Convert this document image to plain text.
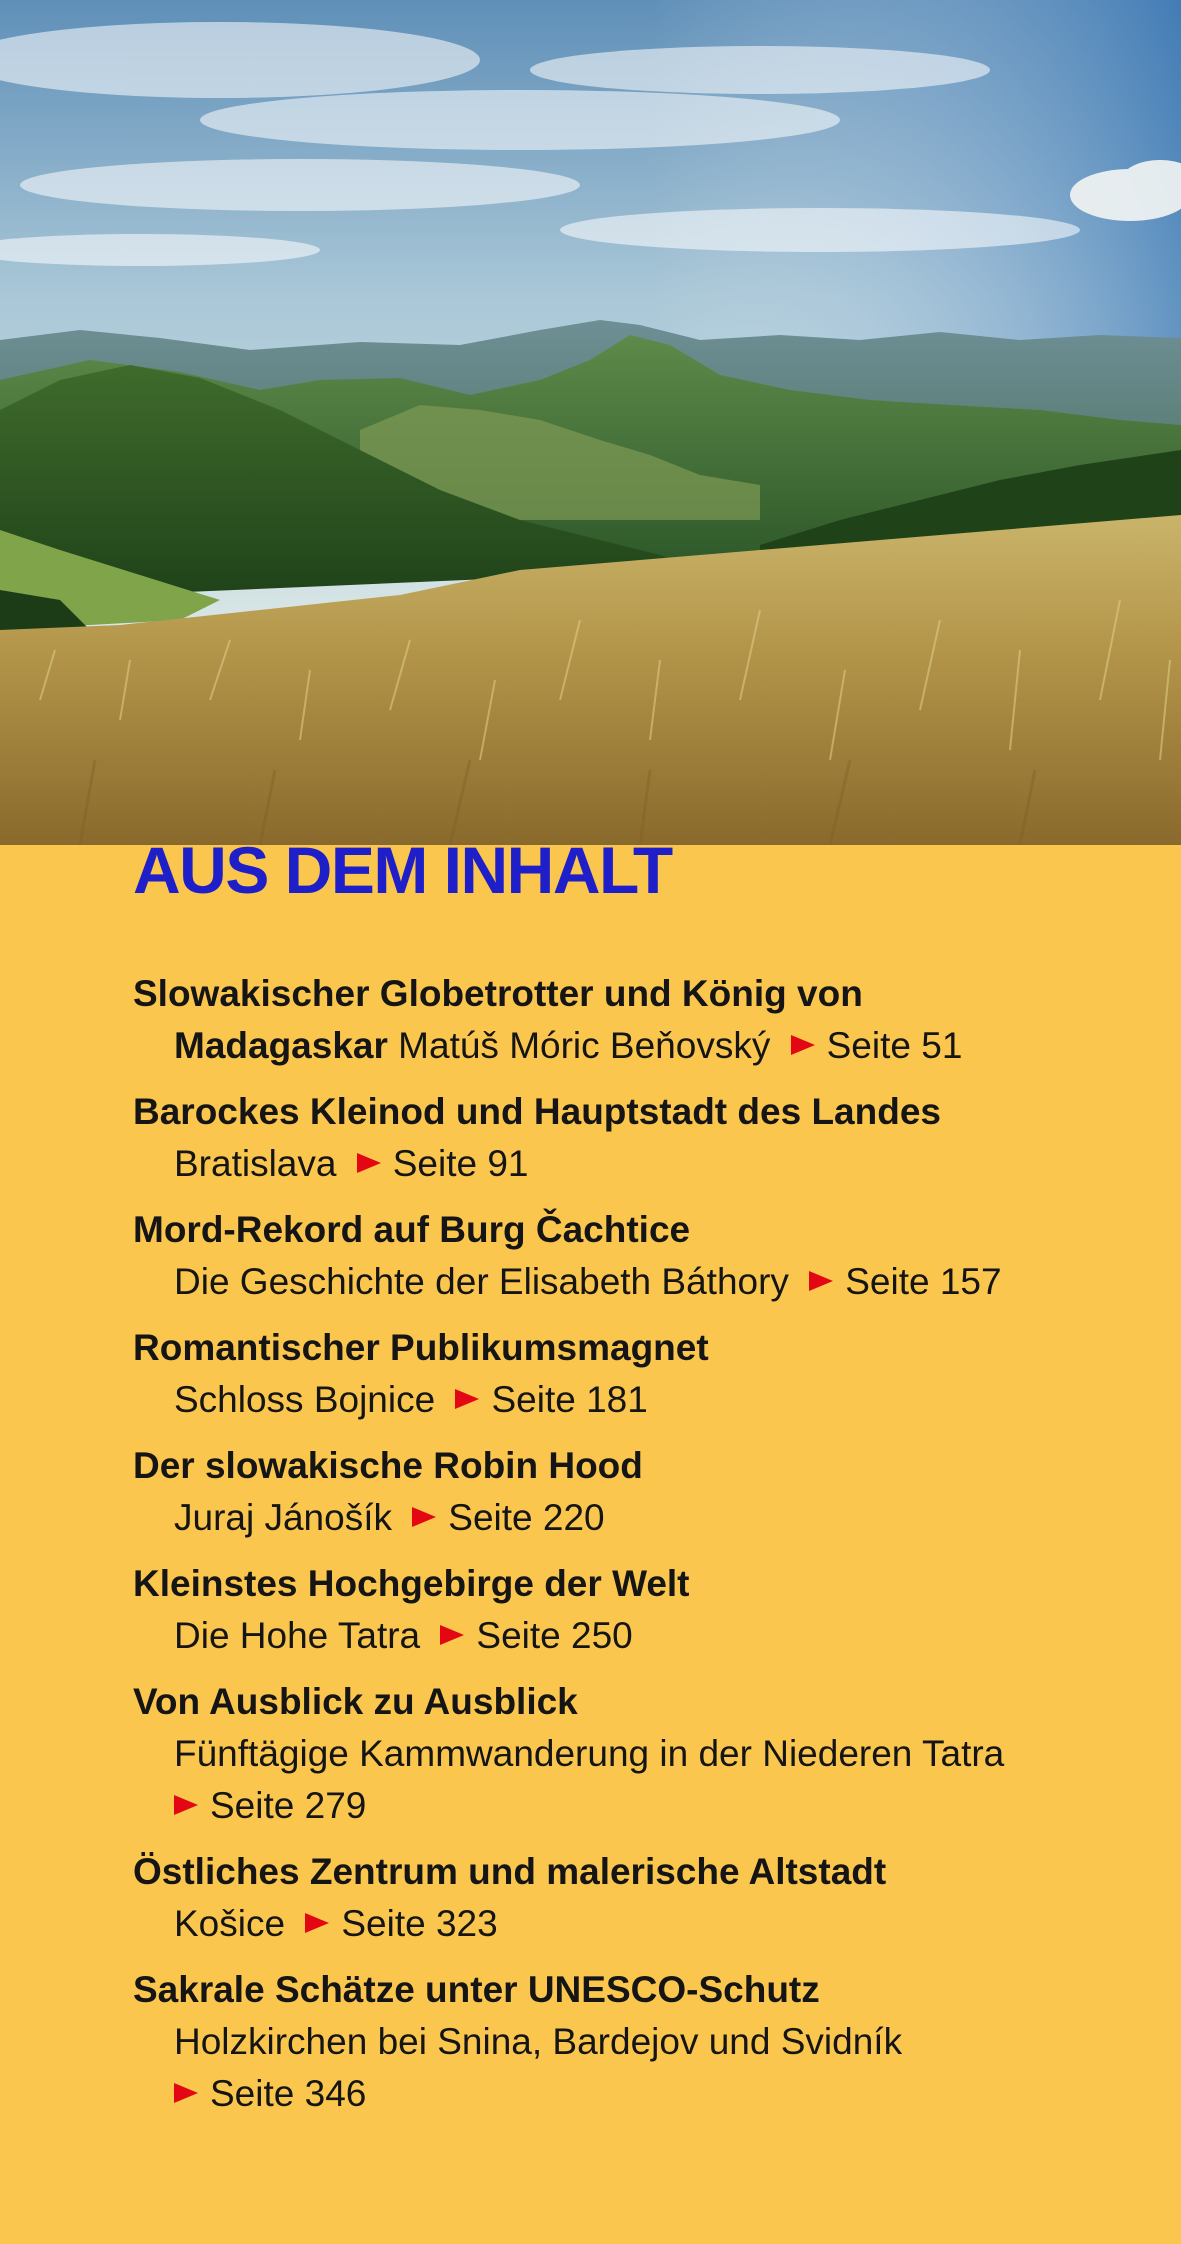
AUS DEM INHALT
Slowakischer Globetrotter und König von
Madagaskar Matúš Móric Beňovský Seite 51
Barockes Kleinod und Hauptstadt des Landes
Bratislava Seite 91
Mord-Rekord auf Burg Čachtice
Die Geschichte der Elisabeth Báthory Seite 157
Romantischer Publikumsmagnet
Schloss Bojnice Seite 181
Der slowakische Robin Hood
Juraj Jánošík Seite 220
Kleinstes Hochgebirge der Welt
Die Hohe Tatra Seite 250
Von Ausblick zu Ausblick
Fünftägige Kammwanderung in der Niederen Tatra
Seite 279
Östliches Zentrum und malerische Altstadt
Košice Seite 323
Sakrale Schätze unter UNESCO-Schutz
Holzkirchen bei Snina, Bardejov und Svidník
Seite 346
